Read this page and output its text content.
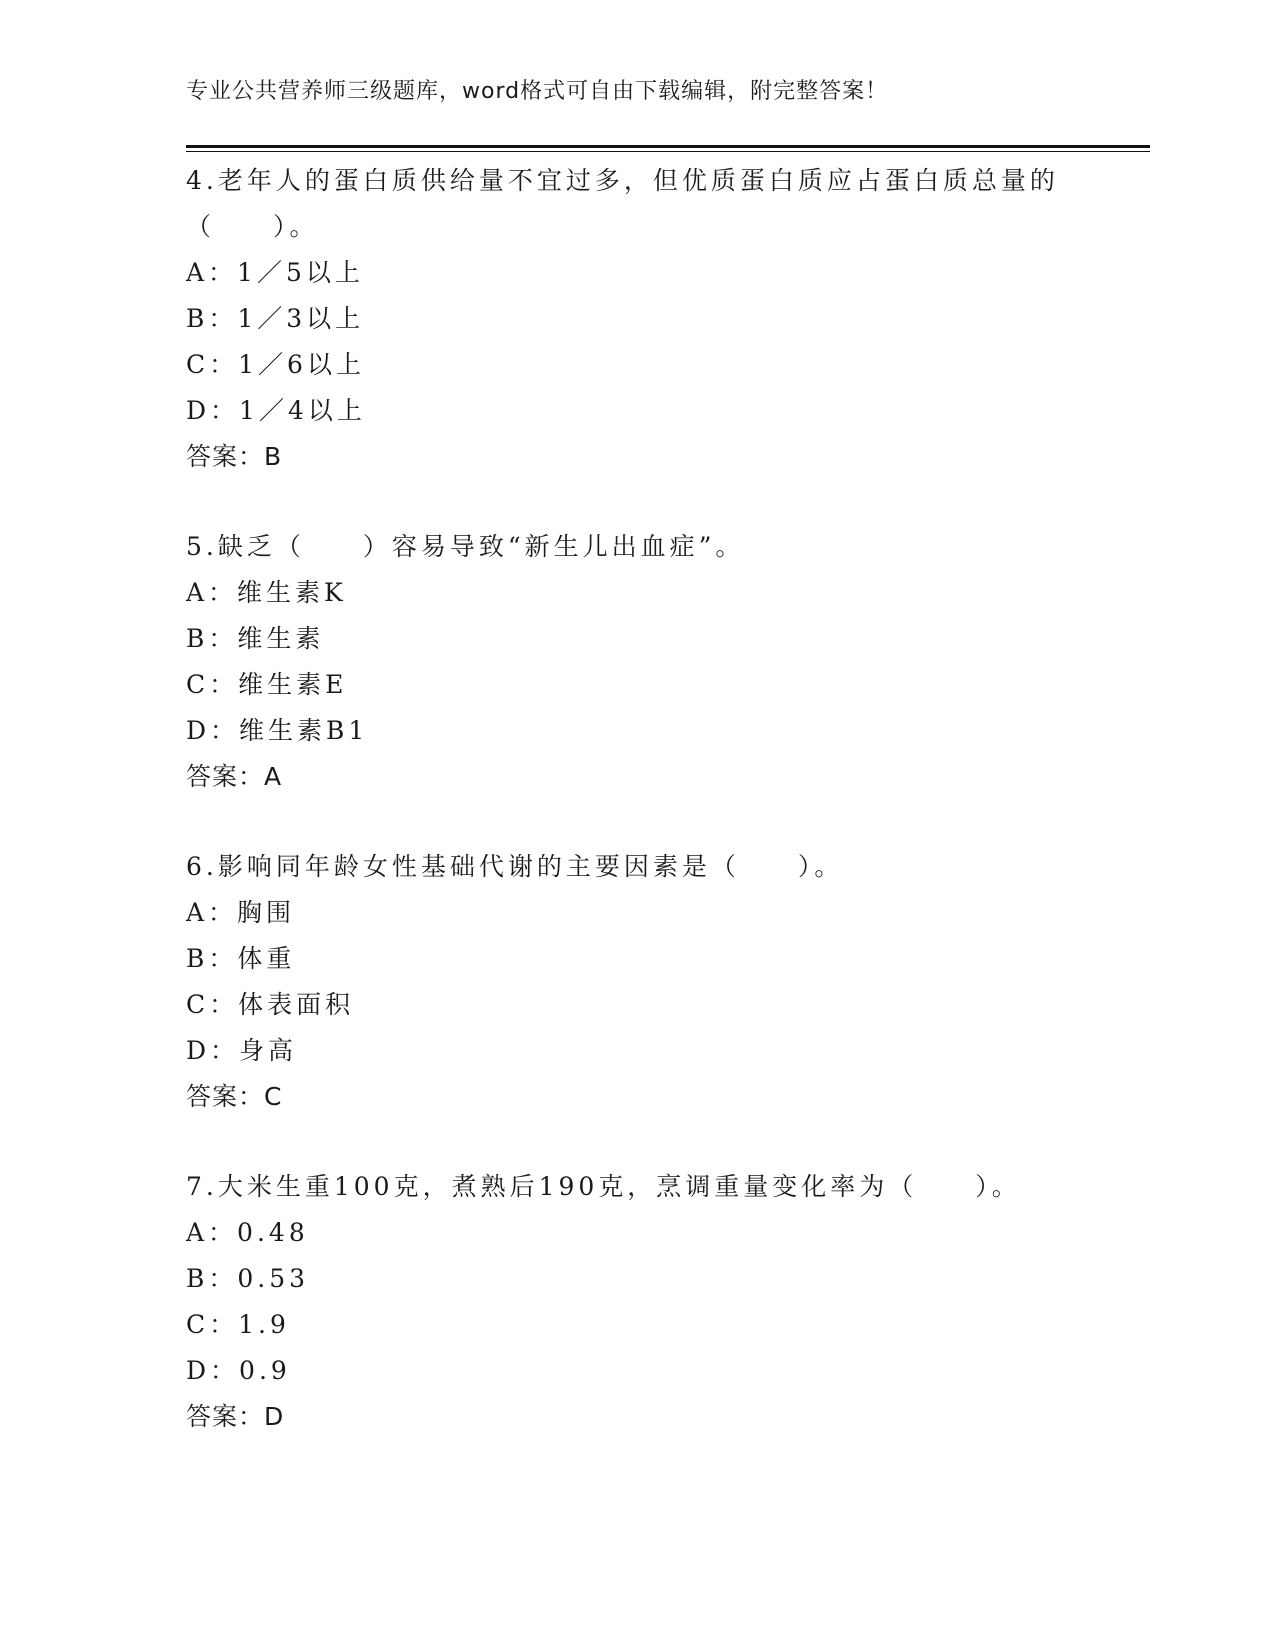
专业公共营养师三级题库，word格式可自由下载编辑，附完整答案！
4.老年人的蛋白质供给量不宜过多，但优质蛋白质应占蛋白质总量的
（　　）。
A：1／5以上
B：1／3以上
C：1／6以上
D：1／4以上
答案：B
5.缺乏（　　）容易导致“新生儿出血症”。
A：维生素K
B：维生素
C：维生素E
D：维生素B1
答案：A
6.影响同年龄女性基础代谢的主要因素是（　　）。
A：胸围
B：体重
C：体表面积
D：身高
答案：C
7.大米生重100克，煮熟后190克，烹调重量变化率为（　　）。
A：0.48
B：0.53
C：1.9
D：0.9
答案：D
